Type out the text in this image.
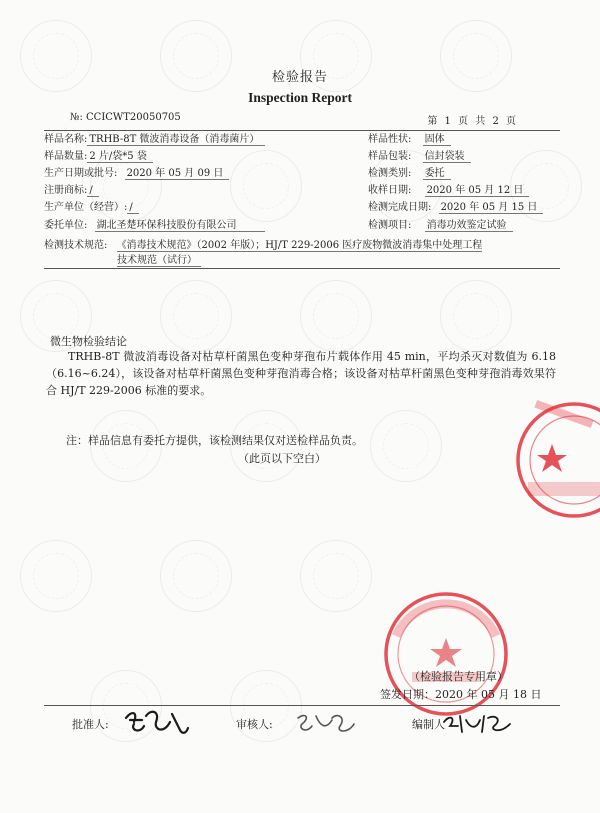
检验报告
Inspection Report
№: CCICWT20050705	第 1 页 共 2 页
样品名称: TRHB-8T 微波消毒设备（消毒菌片）	样品性状: 固体
样品数量: 2 片/袋*5 袋	样品包装: 信封袋装
生产日期或批号: 2020 年 05 月 09 日	检测类别: 委托
注册商标: /	收样日期: 2020 年 05 月 12 日
生产单位（经营）: /	检测完成日期: 2020 年 05 月 15 日
委托单位: 湖北圣楚环保科技股份有限公司	检测项目: 消毒功效鉴定试验
检测技术规范: 《消毒技术规范》（2002 年版）；HJ/T 229-2006 医疗废物微波消毒集中处理工程
技术规范（试行）
微生物检验结论
TRHB-8T 微波消毒设备对枯草杆菌黑色变种芽孢布片载体作用 45 min，平均杀灭对数值为 6.18（6.16~6.24），该设备对枯草杆菌黑色变种芽孢消毒合格；该设备对枯草杆菌黑色变种芽孢消毒效果符合 HJ/T 229-2006 标准的要求。
注：样品信息有委托方提供，该检测结果仅对送检样品负责。
（此页以下空白）
（检验报告专用章）
签发日期：2020 年 05 月 18 日
批准人:	审核人:	编制人
